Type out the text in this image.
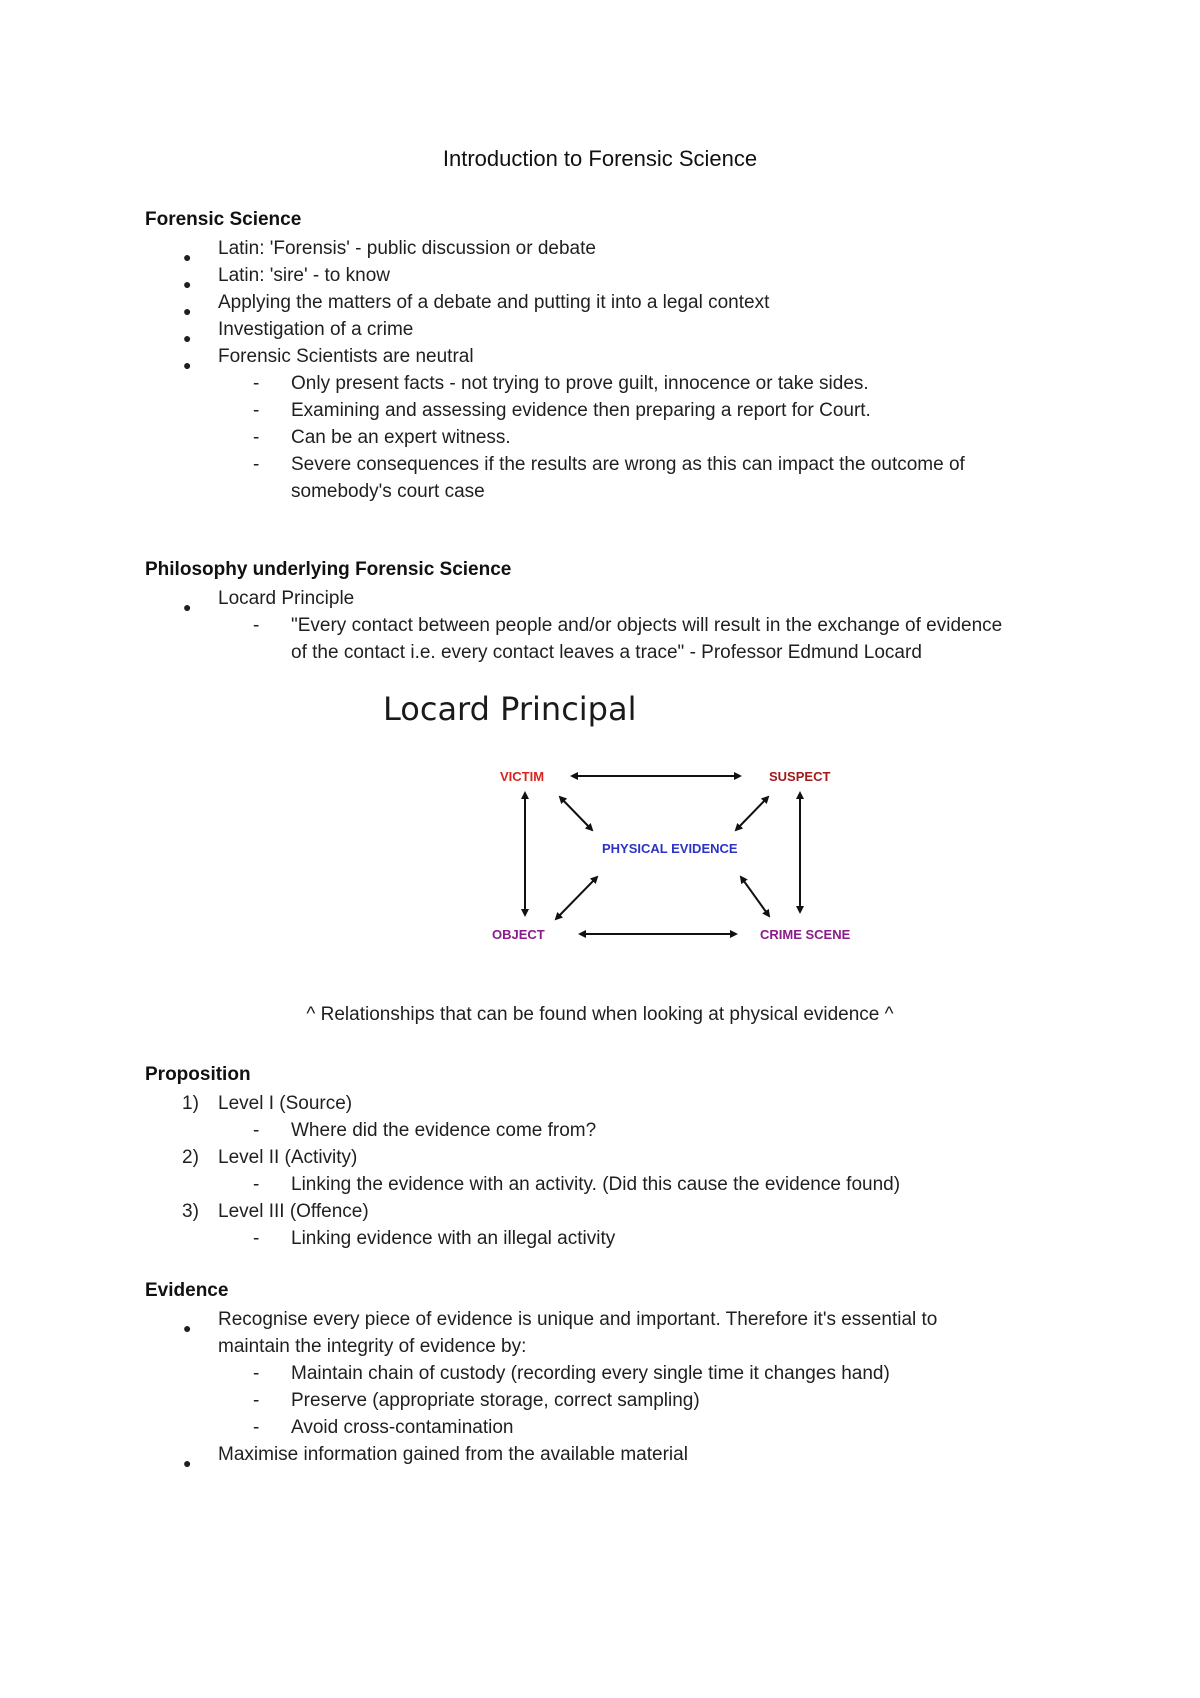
Introduction to Forensic Science

Forensic Science

● Latin: 'Forensis' - public discussion or debate

● Latin: 'sire' - to know

● Applying the matters of a debate and putting it into a legal context

● Investigation of a crime

● Forensic Scientists are neutral

- Only present facts - not trying to prove guilt, innocence or take sides.

- Examining and assessing evidence then preparing a report for Court.

- Can be an expert witness.

- Severe consequences if the results are wrong as this can impact the outcome of

somebody's court case

Philosophy underlying Forensic Science

● Locard Principle

- "Every contact between people and/or objects will result in the exchange of evidence

of the contact i.e. every contact leaves a trace" - Professor Edmund Locard

Locard Principal
VICTIM	SUSPECT
PHYSICAL EVIDENCE
OBJECT	CRIME SCENE

^ Relationships that can be found when looking at physical evidence ^

Proposition

1) Level I (Source)

- Where did the evidence come from?

2) Level II (Activity)

- Linking the evidence with an activity. (Did this cause the evidence found)

3) Level III (Offence)

- Linking evidence with an illegal activity

Evidence

● Recognise every piece of evidence is unique and important. Therefore it's essential to

maintain the integrity of evidence by:

- Maintain chain of custody (recording every single time it changes hand)

- Preserve (appropriate storage, correct sampling)

- Avoid cross-contamination

● Maximise information gained from the available material
